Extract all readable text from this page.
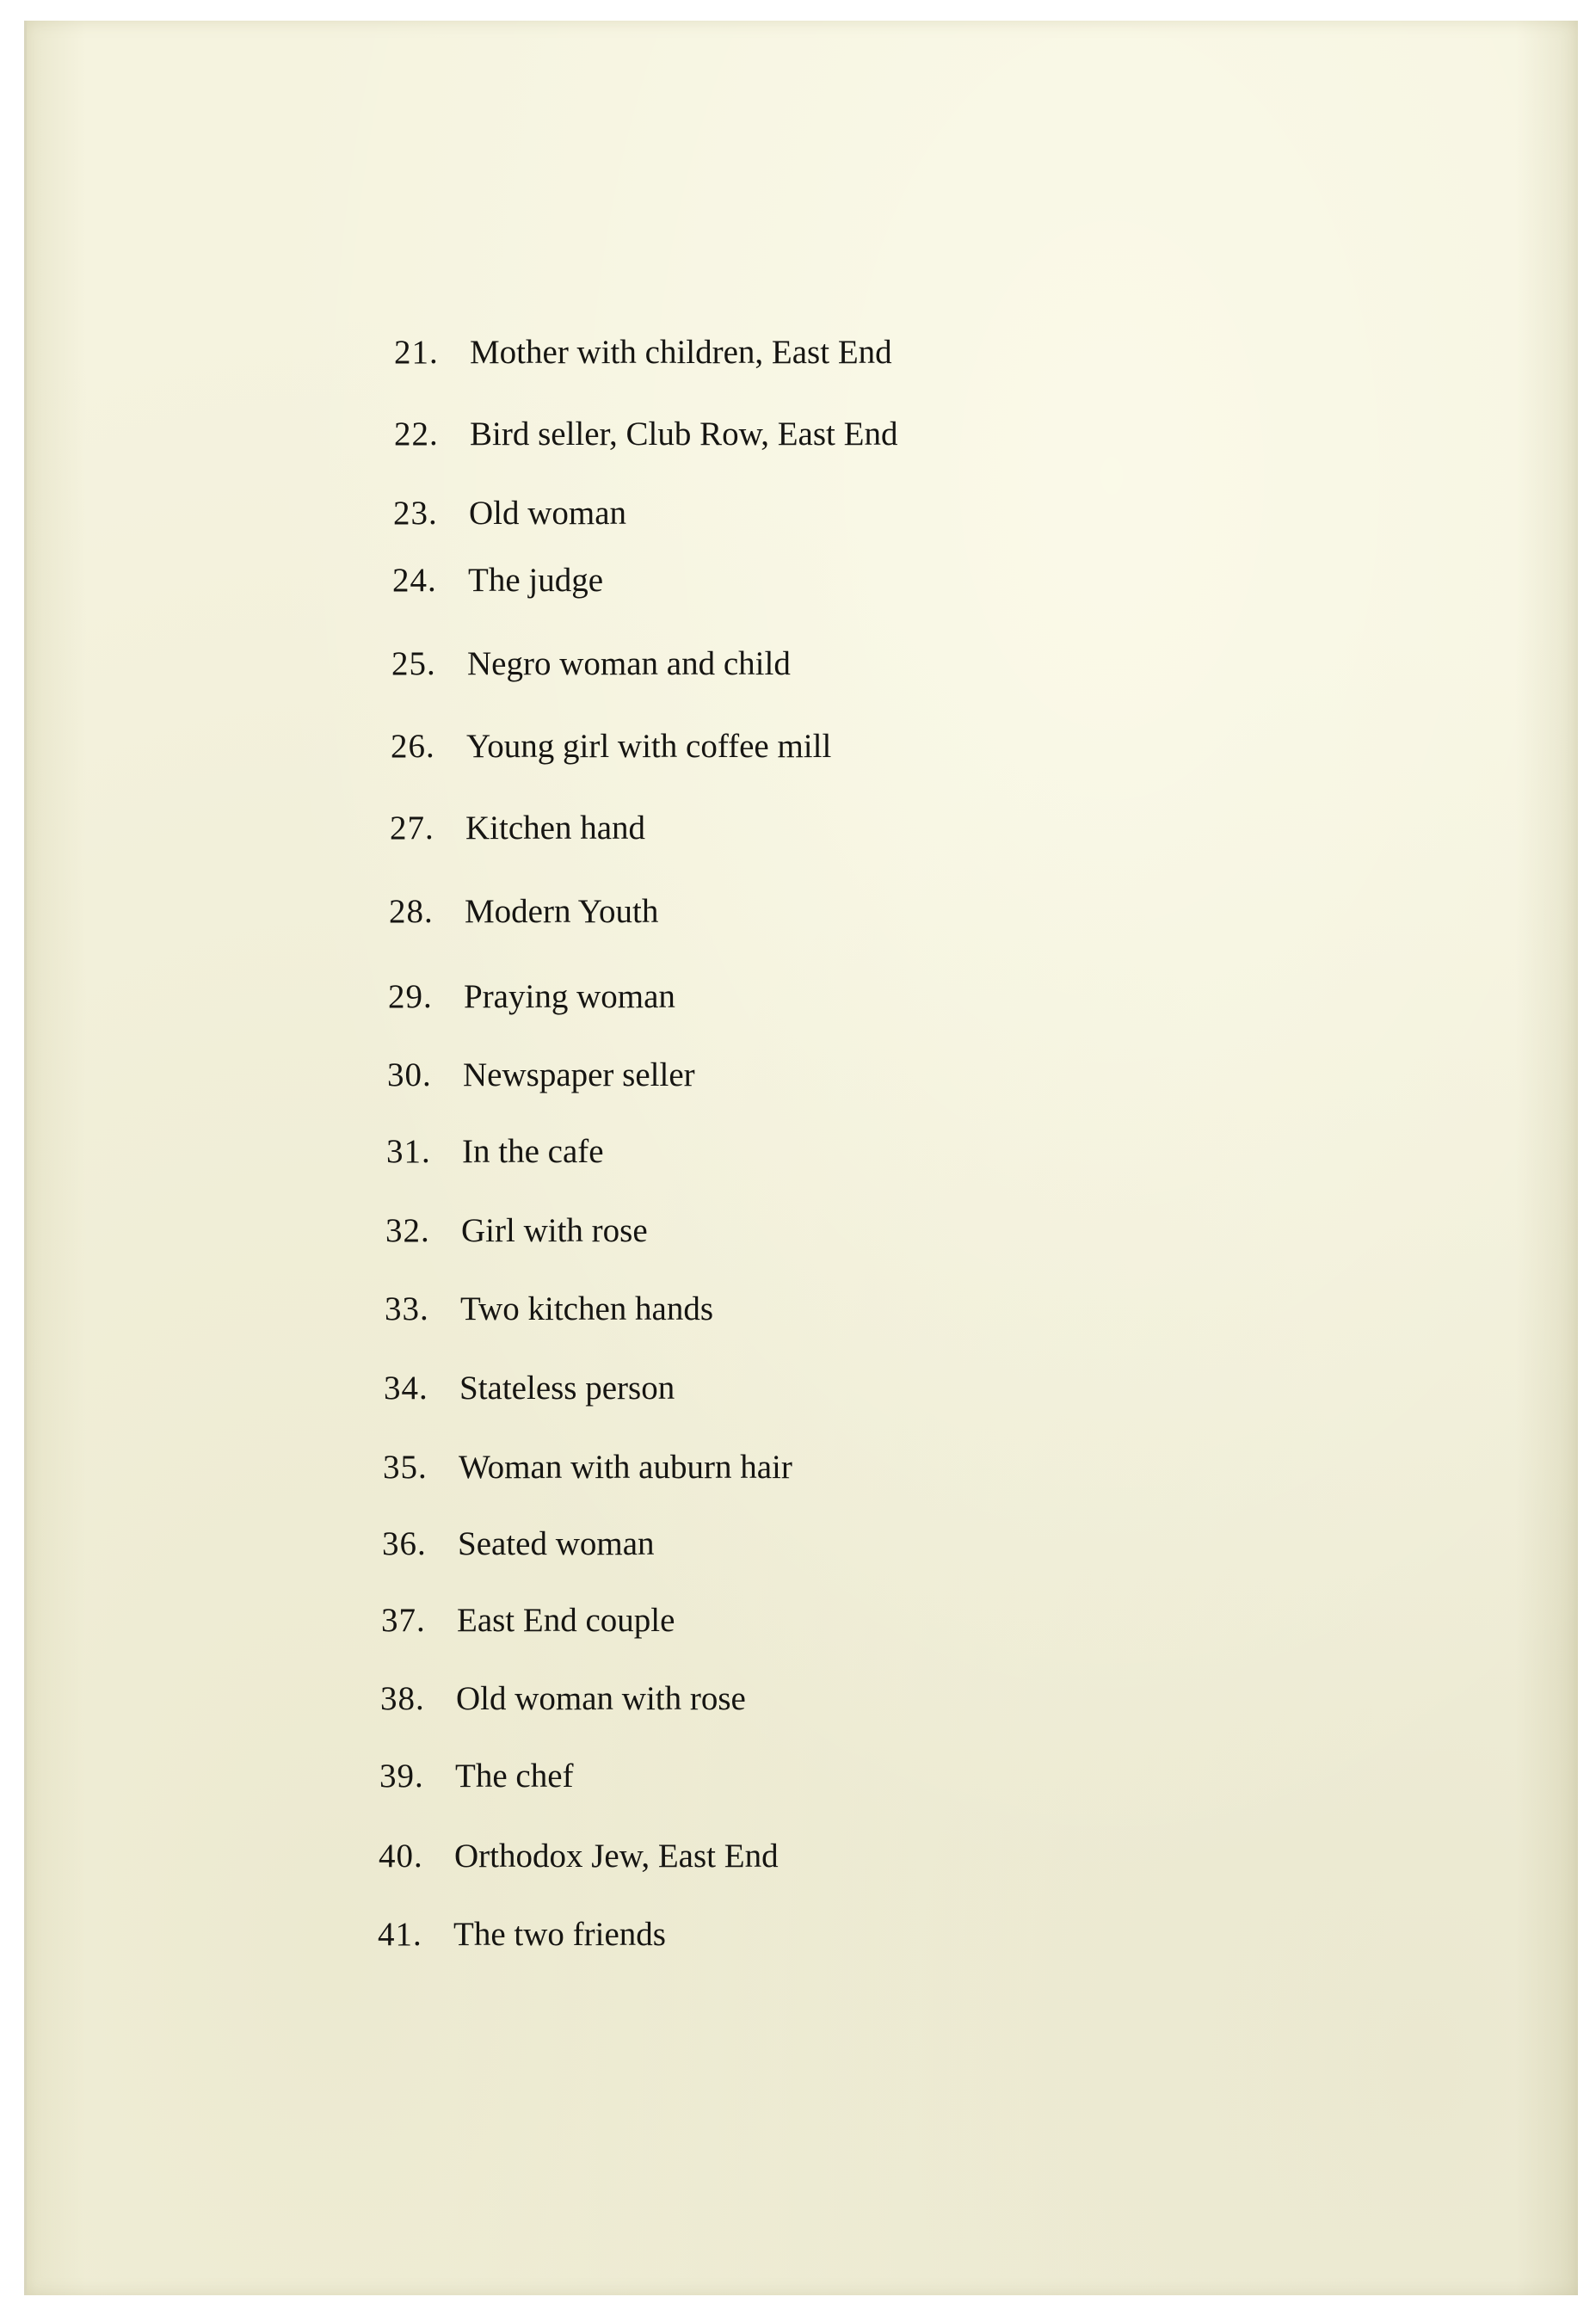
21. Mother with children, East End
22. Bird seller, Club Row, East End
23. Old woman
24. The judge
25. Negro woman and child
26. Young girl with coffee mill
27. Kitchen hand
28. Modern Youth
29. Praying woman
30. Newspaper seller
31. In the cafe
32. Girl with rose
33. Two kitchen hands
34. Stateless person
35. Woman with auburn hair
36. Seated woman
37. East End couple
38. Old woman with rose
39. The chef
40. Orthodox Jew, East End
41. The two friends
